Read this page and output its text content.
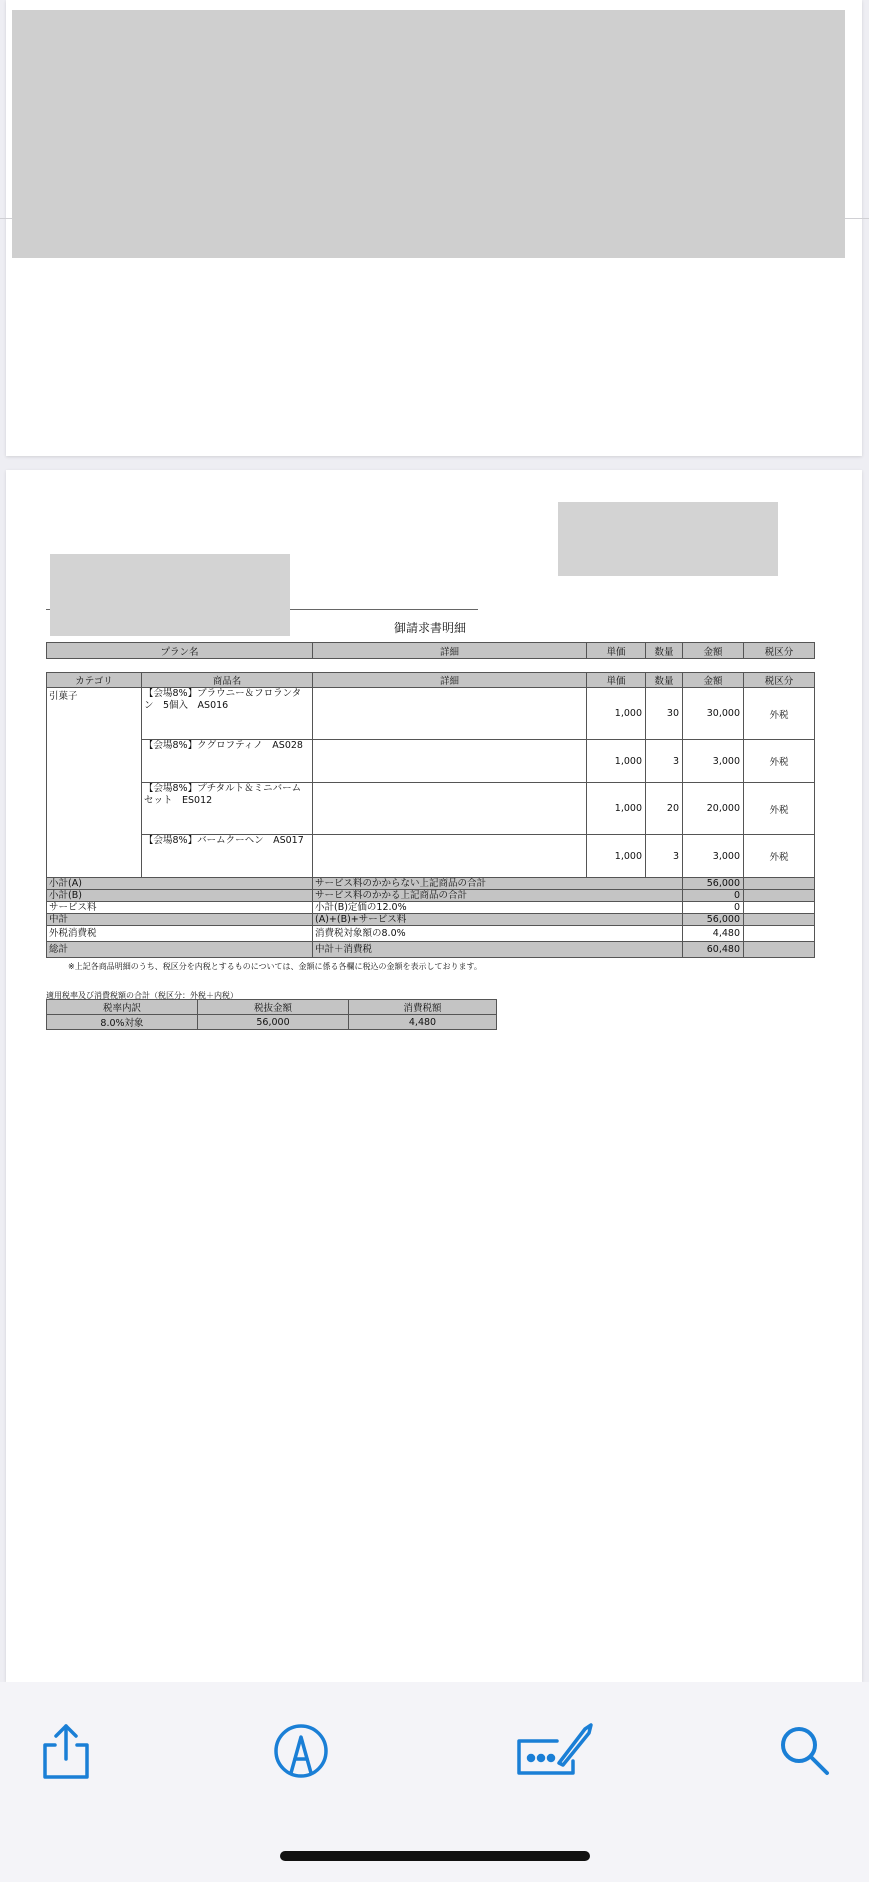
御請求書明細
プラン名	詳細	単価	数量	金額	税区分
カテゴリ	商品名	詳細	単価	数量	金額	税区分
引菓子	【会場8%】ブラウニー＆フロランタン　5個入　AS016		1,000	30	30,000	外税
	【会場8%】クグロフティノ　AS028		1,000	3	3,000	外税
	【会場8%】プチタルト＆ミニバームセット　ES012		1,000	20	20,000	外税
	【会場8%】バームクーヘン　AS017		1,000	3	3,000	外税
小計(A)		サービス料のかからない上記商品の合計			56,000	
小計(B)		サービス料のかかる上記商品の合計			0	
サービス料		小計(B)定価の12.0%			0	
中計		(A)+(B)+サービス料			56,000	
外税消費税		消費税対象額の8.0%			4,480	
総計		中計＋消費税			60,480	
※上記各商品明細のうち、税区分を内税とするものについては、金額に係る各欄に税込の金額を表示しております。
適用税率及び消費税額の合計（税区分：外税＋内税）
税率内訳	税抜金額	消費税額
8.0%対象	56,000	4,480
